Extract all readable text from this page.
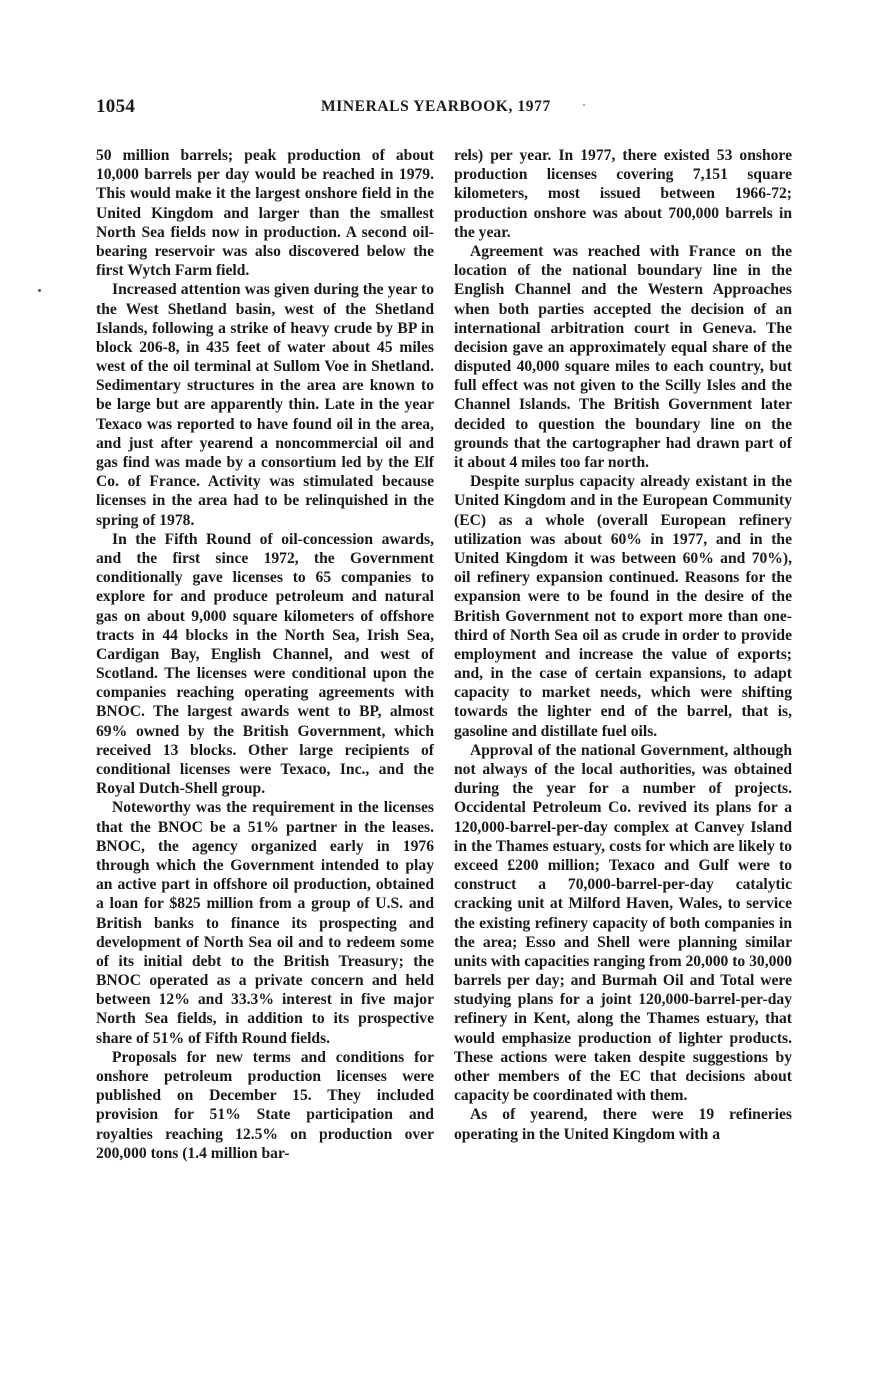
1054	MINERALS YEARBOOK, 1977

50 million barrels; peak production of about 10,000 barrels per day would be reached in 1979. This would make it the largest onshore field in the United Kingdom and larger than the smallest North Sea fields now in production. A second oil-bearing reservoir was also discovered below the first Wytch Farm field.

Increased attention was given during the year to the West Shetland basin, west of the Shetland Islands, following a strike of heavy crude by BP in block 206-8, in 435 feet of water about 45 miles west of the oil terminal at Sullom Voe in Shetland. Sedimentary structures in the area are known to be large but are apparently thin. Late in the year Texaco was reported to have found oil in the area, and just after yearend a noncommercial oil and gas find was made by a consortium led by the Elf Co. of France. Activity was stimulated because licenses in the area had to be relinquished in the spring of 1978.

In the Fifth Round of oil-concession awards, and the first since 1972, the Government conditionally gave licenses to 65 companies to explore for and produce petroleum and natural gas on about 9,000 square kilometers of offshore tracts in 44 blocks in the North Sea, Irish Sea, Cardigan Bay, English Channel, and west of Scotland. The licenses were conditional upon the companies reaching operating agreements with BNOC. The largest awards went to BP, almost 69% owned by the British Government, which received 13 blocks. Other large recipients of conditional licenses were Texaco, Inc., and the Royal Dutch-Shell group.

Noteworthy was the requirement in the licenses that the BNOC be a 51% partner in the leases. BNOC, the agency organized early in 1976 through which the Government intended to play an active part in offshore oil production, obtained a loan for $825 million from a group of U.S. and British banks to finance its prospecting and development of North Sea oil and to redeem some of its initial debt to the British Treasury; the BNOC operated as a private concern and held between 12% and 33.3% interest in five major North Sea fields, in addition to its prospective share of 51% of Fifth Round fields.

Proposals for new terms and conditions for onshore petroleum production licenses were published on December 15. They included provision for 51% State participation and royalties reaching 12.5% on production over 200,000 tons (1.4 million bar-

rels) per year. In 1977, there existed 53 onshore production licenses covering 7,151 square kilometers, most issued between 1966-72; production onshore was about 700,000 barrels in the year.

Agreement was reached with France on the location of the national boundary line in the English Channel and the Western Approaches when both parties accepted the decision of an international arbitration court in Geneva. The decision gave an approximately equal share of the disputed 40,000 square miles to each country, but full effect was not given to the Scilly Isles and the Channel Islands. The British Government later decided to question the boundary line on the grounds that the cartographer had drawn part of it about 4 miles too far north.

Despite surplus capacity already existant in the United Kingdom and in the European Community (EC) as a whole (overall European refinery utilization was about 60% in 1977, and in the United Kingdom it was between 60% and 70%), oil refinery expansion continued. Reasons for the expansion were to be found in the desire of the British Government not to export more than one-third of North Sea oil as crude in order to provide employment and increase the value of exports; and, in the case of certain expansions, to adapt capacity to market needs, which were shifting towards the lighter end of the barrel, that is, gasoline and distillate fuel oils.

Approval of the national Government, although not always of the local authorities, was obtained during the year for a number of projects. Occidental Petroleum Co. revived its plans for a 120,000-barrel-per-day complex at Canvey Island in the Thames estuary, costs for which are likely to exceed £200 million; Texaco and Gulf were to construct a 70,000-barrel-per-day catalytic cracking unit at Milford Haven, Wales, to service the existing refinery capacity of both companies in the area; Esso and Shell were planning similar units with capacities ranging from 20,000 to 30,000 barrels per day; and Burmah Oil and Total were studying plans for a joint 120,000-barrel-per-day refinery in Kent, along the Thames estuary, that would emphasize production of lighter products. These actions were taken despite suggestions by other members of the EC that decisions about capacity be coordinated with them.

As of yearend, there were 19 refineries operating in the United Kingdom with a
